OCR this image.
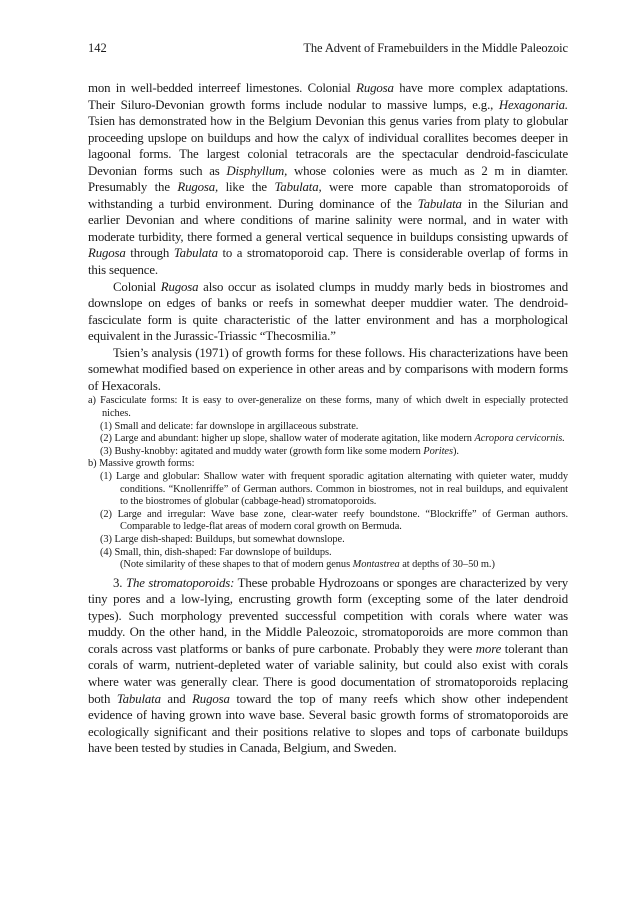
142	The Advent of Framebuilders in the Middle Paleozoic

mon in well-bedded interreef limestones. Colonial Rugosa have more complex adaptations. Their Siluro-Devonian growth forms include nodular to massive lumps, e.g., Hexagonaria. Tsien has demonstrated how in the Belgium Devonian this genus varies from platy to globular proceeding upslope on buildups and how the calyx of individual corallites becomes deeper in lagoonal forms. The largest colonial tetracorals are the spectacular dendroid-fasciculate Devonian forms such as Disphyllum, whose colonies were as much as 2 m in diamter. Presumably the Rugosa, like the Tabulata, were more capable than stromatoporoids of withstanding a turbid environment. During dominance of the Tabulata in the Silurian and earlier Devonian and where conditions of marine salinity were normal, and in water with moderate turbidity, there formed a general vertical sequence in buildups consisting upwards of Rugosa through Tabulata to a stromatoporoid cap. There is considerable overlap of forms in this sequence.

Colonial Rugosa also occur as isolated clumps in muddy marly beds in biostromes and downslope on edges of banks or reefs in somewhat deeper muddier water. The dendroid-fasciculate form is quite characteristic of the latter environment and has a morphological equivalent in the Jurassic-Triassic “Thecosmilia.”

Tsien’s analysis (1971) of growth forms for these follows. His characterizations have been somewhat modified based on experience in other areas and by comparisons with modern forms of Hexacorals.

a) Fasciculate forms: It is easy to over-generalize on these forms, many of which dwelt in especially protected niches.
(1) Small and delicate: far downslope in argillaceous substrate.
(2) Large and abundant: higher up slope, shallow water of moderate agitation, like modern Acropora cervicornis.
(3) Bushy-knobby: agitated and muddy water (growth form like some modern Porites).
b) Massive growth forms:
(1) Large and globular: Shallow water with frequent sporadic agitation alternating with quieter water, muddy conditions. “Knollenriffe” of German authors. Common in biostromes, not in real buildups, and equivalent to the biostromes of globular (cabbage-head) stromatoporoids.
(2) Large and irregular: Wave base zone, clear-water reefy boundstone. “Blockriffe” of German authors. Comparable to ledge-flat areas of modern coral growth on Bermuda.
(3) Large dish-shaped: Buildups, but somewhat downslope.
(4) Small, thin, dish-shaped: Far downslope of buildups.
(Note similarity of these shapes to that of modern genus Montastrea at depths of 30–50 m.)

3. The stromatoporoids: These probable Hydrozoans or sponges are characterized by very tiny pores and a low-lying, encrusting growth form (excepting some of the later dendroid types). Such morphology prevented successful competition with corals where water was muddy. On the other hand, in the Middle Paleozoic, stromatoporoids are more common than corals across vast platforms or banks of pure carbonate. Probably they were more tolerant than corals of warm, nutrient-depleted water of variable salinity, but could also exist with corals where water was generally clear. There is good documentation of stromatoporoids replacing both Tabulata and Rugosa toward the top of many reefs which show other independent evidence of having grown into wave base. Several basic growth forms of stromatoporoids are ecologically significant and their positions relative to slopes and tops of carbonate buildups have been tested by studies in Canada, Belgium, and Sweden.
